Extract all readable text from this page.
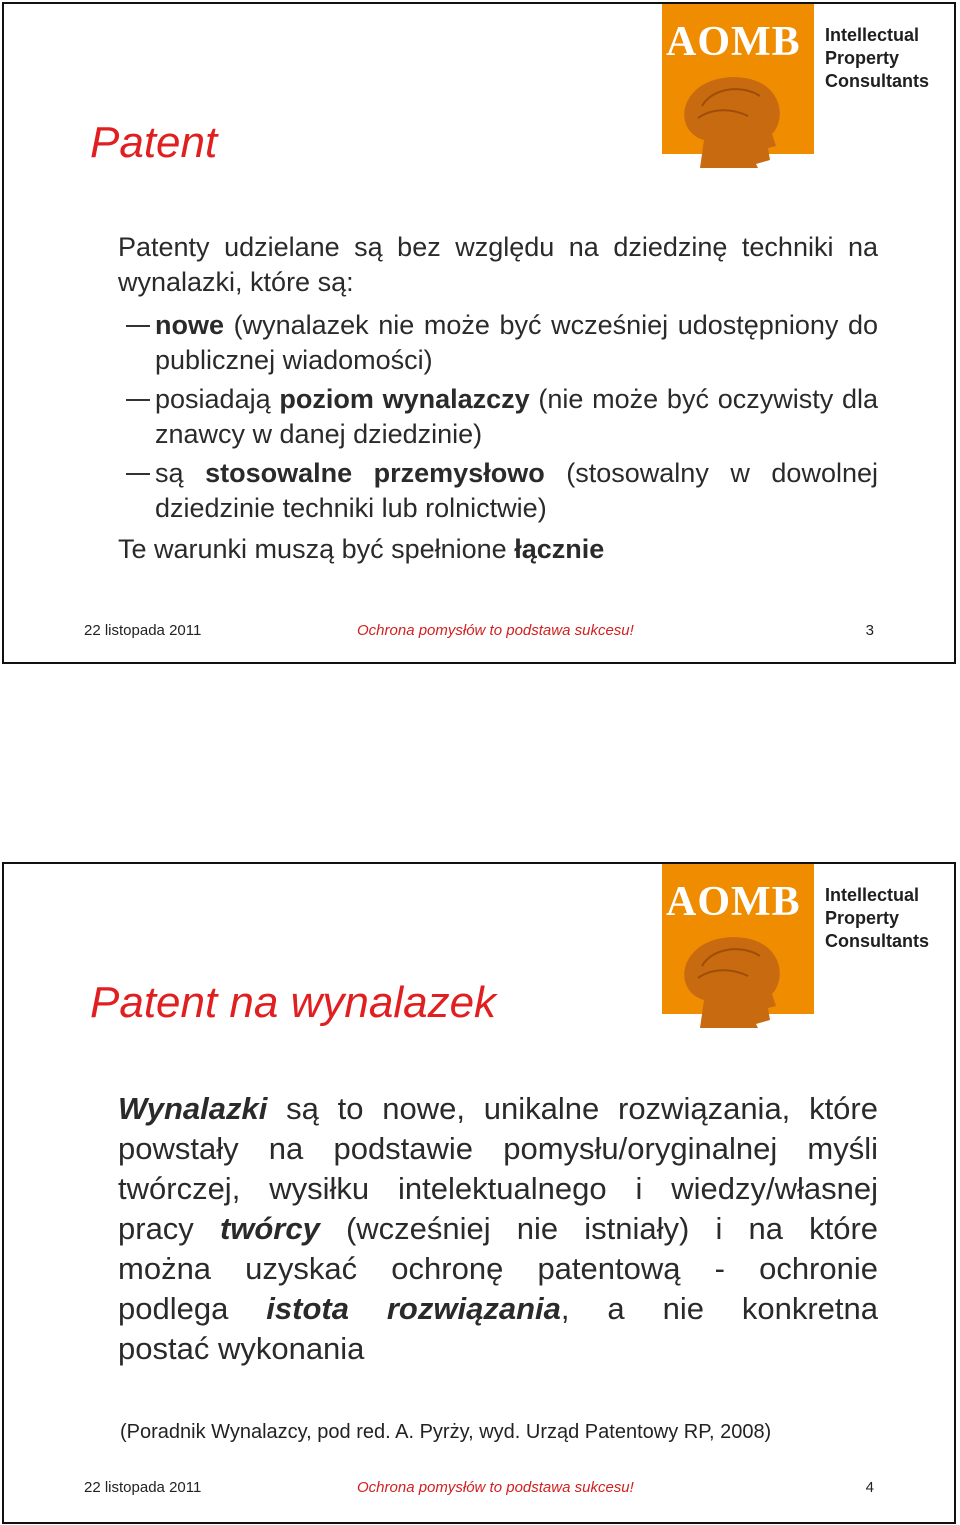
AOMB Intellectual
Property
Consultants
Patent

Patenty udzielane są bez względu na dziedzinę techniki na wynalazki, które są:

nowe (wynalazek nie może być wcześniej udostępniony do publicznej wiadomości)
posiadają poziom wynalazczy (nie może być oczywisty dla znawcy w danej dziedzinie)
są stosowalne przemysłowo (stosowalny w dowolnej dziedzinie techniki lub rolnictwie)

Te warunki muszą być spełnione łącznie

22 listopada 2011	Ochrona pomysłów to podstawa sukcesu!	3
AOMB Intellectual
Property
Consultants
Patent na wynalazek
Wynalazki są to nowe, unikalne rozwiązania, które
powstały na podstawie pomysłu/oryginalnej myśli
twórczej, wysiłku intelektualnego i wiedzy/własnej
pracy twórcy (wcześniej nie istniały) i na które
można uzyskać ochronę patentową - ochronie
podlega istota rozwiązania, a nie konkretna
postać wykonania
(Poradnik Wynalazcy, pod red. A. Pyrży, wyd. Urząd Patentowy RP, 2008)
22 listopada 2011	Ochrona pomysłów to podstawa sukcesu!	4
